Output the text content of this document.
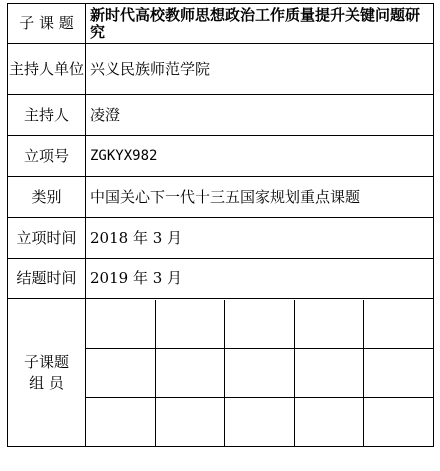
子 课 题	新时代高校教师思想政治工作质量提升关键问题研究
主持人单位	兴义民族师范学院
主持人	凌澄
立项号	ZGKYX982
类别	中国关心下一代十三五国家规划重点课题
立项时间	2018 年 3 月
结题时间	2019 年 3 月

子课题
组 员
